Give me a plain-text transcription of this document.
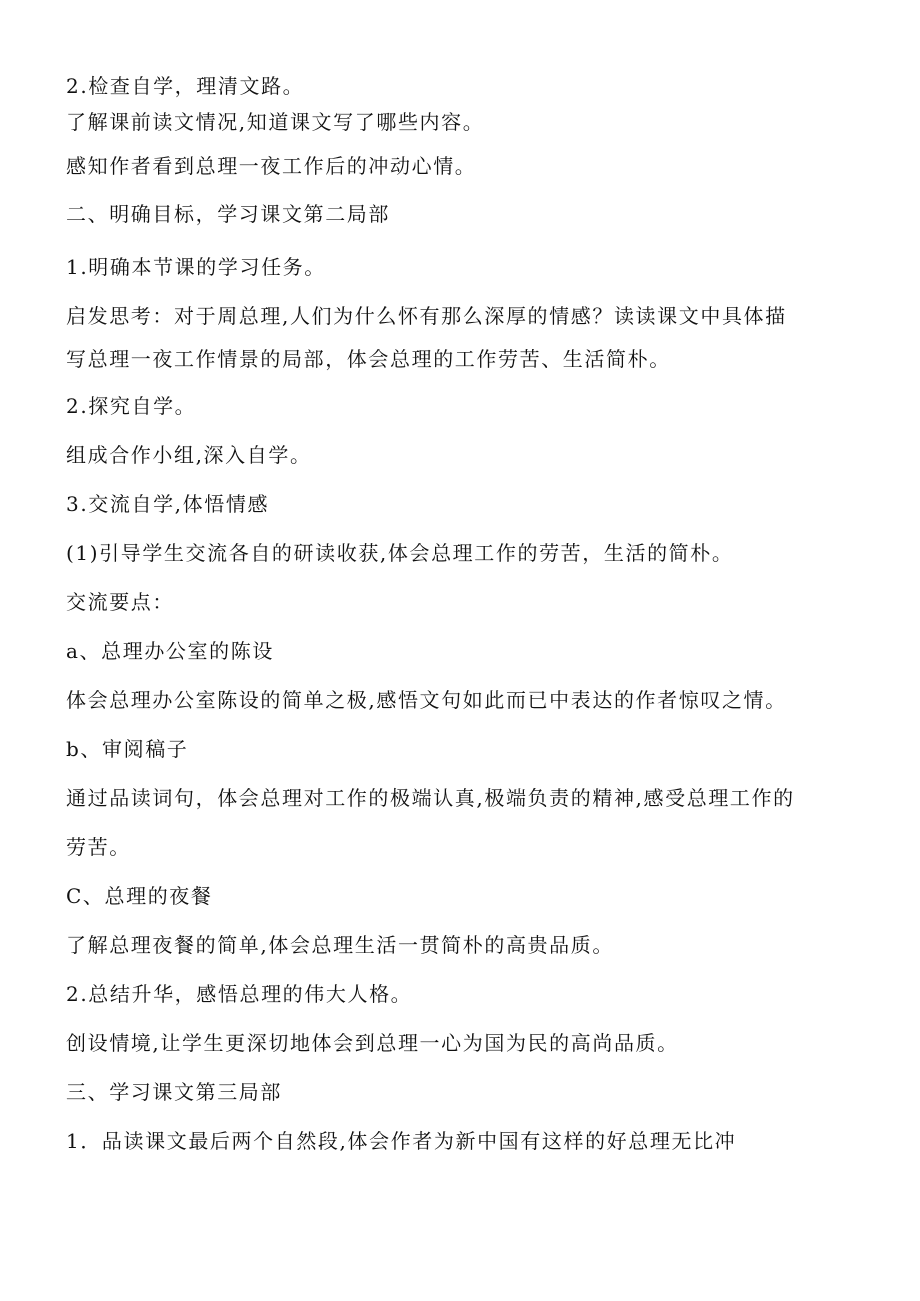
2.检查自学，理清文路。
了解课前读文情况,知道课文写了哪些内容。
感知作者看到总理一夜工作后的冲动心情。
二、明确目标，学习课文第二局部
1.明确本节课的学习任务。
启发思考：对于周总理,人们为什么怀有那么深厚的情感？读读课文中具体描
写总理一夜工作情景的局部，体会总理的工作劳苦、生活简朴。
2.探究自学。
组成合作小组,深入自学。
3.交流自学,体悟情感
(1)引导学生交流各自的研读收获,体会总理工作的劳苦，生活的简朴。
交流要点：
a、总理办公室的陈设
体会总理办公室陈设的简单之极,感悟文句如此而已中表达的作者惊叹之情。
b、审阅稿子
通过品读词句，体会总理对工作的极端认真,极端负责的精神,感受总理工作的
劳苦。
C、总理的夜餐
了解总理夜餐的简单,体会总理生活一贯简朴的高贵品质。
2.总结升华，感悟总理的伟大人格。
创设情境,让学生更深切地体会到总理一心为国为民的高尚品质。
三、学习课文第三局部
1．品读课文最后两个自然段,体会作者为新中国有这样的好总理无比冲
